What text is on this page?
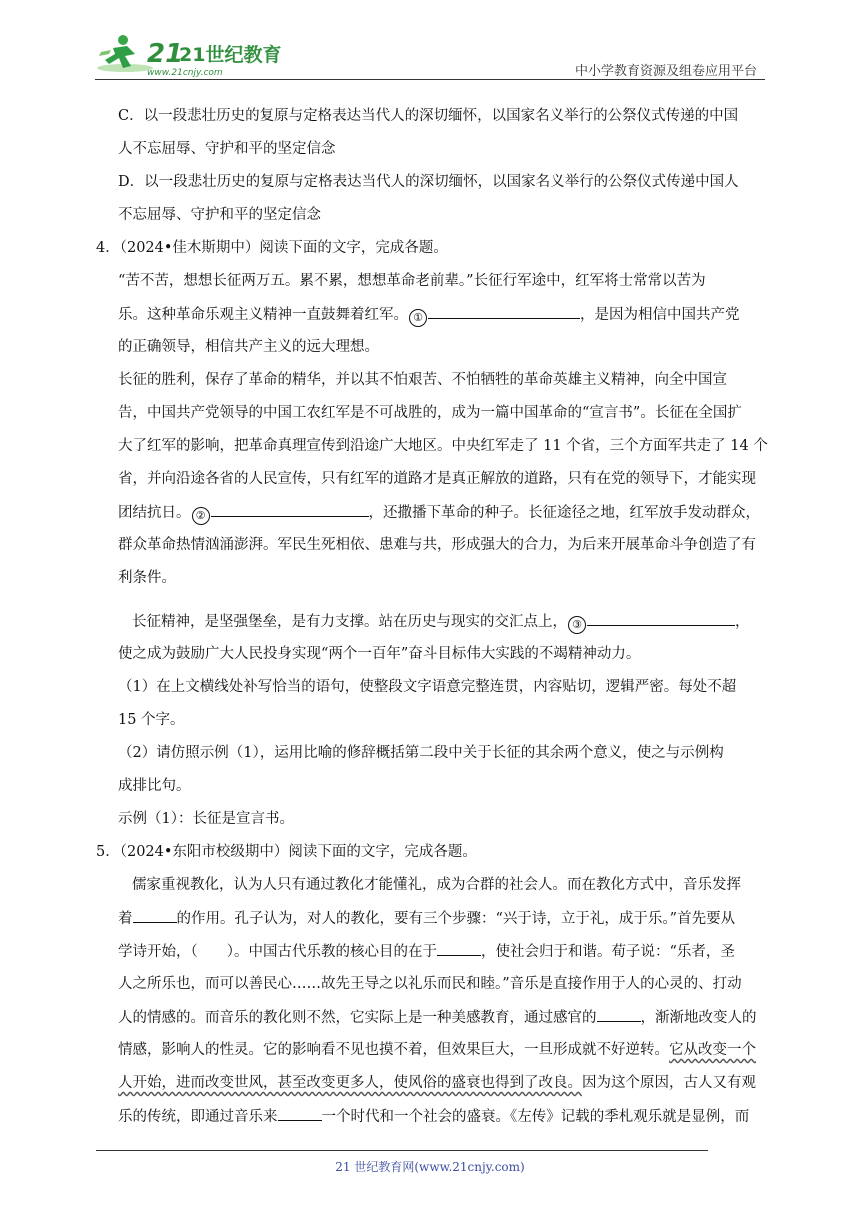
21
21世纪教育
www.21cnjy.com	中小学教育资源及组卷应用平台
C．以一段悲壮历史的复原与定格表达当代人的深切缅怀，以国家名义举行的公祭仪式传递的中国
人不忘屈辱、守护和平的坚定信念
D．以一段悲壮历史的复原与定格表达当代人的深切缅怀，以国家名义举行的公祭仪式传递中国人
不忘屈辱、守护和平的坚定信念
4．（2024•佳木斯期中）阅读下面的文字，完成各题。
“苦不苦，想想长征两万五。累不累，想想革命老前辈。”长征行军途中，红军将士常常以苦为
乐。这种革命乐观主义精神一直鼓舞着红军。 ①	，是因为相信中国共产党
的正确领导，相信共产主义的远大理想。
长征的胜利，保存了革命的精华，并以其不怕艰苦、不怕牺牲的革命英雄主义精神，向全中国宣
告，中国共产党领导的中国工农红军是不可战胜的，成为一篇中国革命的“宣言书”。长征在全国扩
大了红军的影响，把革命真理宣传到沿途广大地区。中央红军走了 11 个省，三个方面军共走了 14 个
省，并向沿途各省的人民宣传，只有红军的道路才是真正解放的道路，只有在党的领导下，才能实现
团结抗日。 ②	，还撒播下革命的种子。长征途径之地，红军放手发动群众，
群众革命热情汹涌澎湃。军民生死相依、患难与共，形成强大的合力，为后来开展革命斗争创造了有
利条件。
长征精神，是坚强堡垒，是有力支撑。站在历史与现实的交汇点上， ③	，
使之成为鼓励广大人民投身实现“两个一百年”奋斗目标伟大实践的不竭精神动力。
（1）在上文横线处补写恰当的语句，使整段文字语意完整连贯，内容贴切，逻辑严密。每处不超
15 个字。
（2）请仿照示例（1），运用比喻的修辞概括第二段中关于长征的其余两个意义，使之与示例构
成排比句。
示例（1）：长征是宣言书。
5．（2024•东阳市校级期中）阅读下面的文字，完成各题。
儒家重视教化，认为人只有通过教化才能懂礼，成为合群的社会人。而在教化方式中，音乐发挥
着	的作用。孔子认为，对人的教化，要有三个步骤：“兴于诗，立于礼，成于乐。”首先要从
学诗开始，（　　）。中国古代乐教的核心目的在于	，使社会归于和谐。荀子说：“乐者，圣
人之所乐也，而可以善民心……故先王导之以礼乐而民和睦。”音乐是直接作用于人的心灵的、打动
人的情感的。而音乐的教化则不然，它实际上是一种美感教育，通过感官的	，渐渐地改变人的
情感，影响人的性灵。它的影响看不见也摸不着，但效果巨大，一旦形成就不好逆转。它从改变一个
人开始，进而改变世风，甚至改变更多人，使风俗的盛衰也得到了改良。因为这个原因，古人又有观
乐的传统，即通过音乐来	一个时代和一个社会的盛衰。《左传》记载的季札观乐就是显例，而
21 世纪教育网(www.21cnjy.com)
